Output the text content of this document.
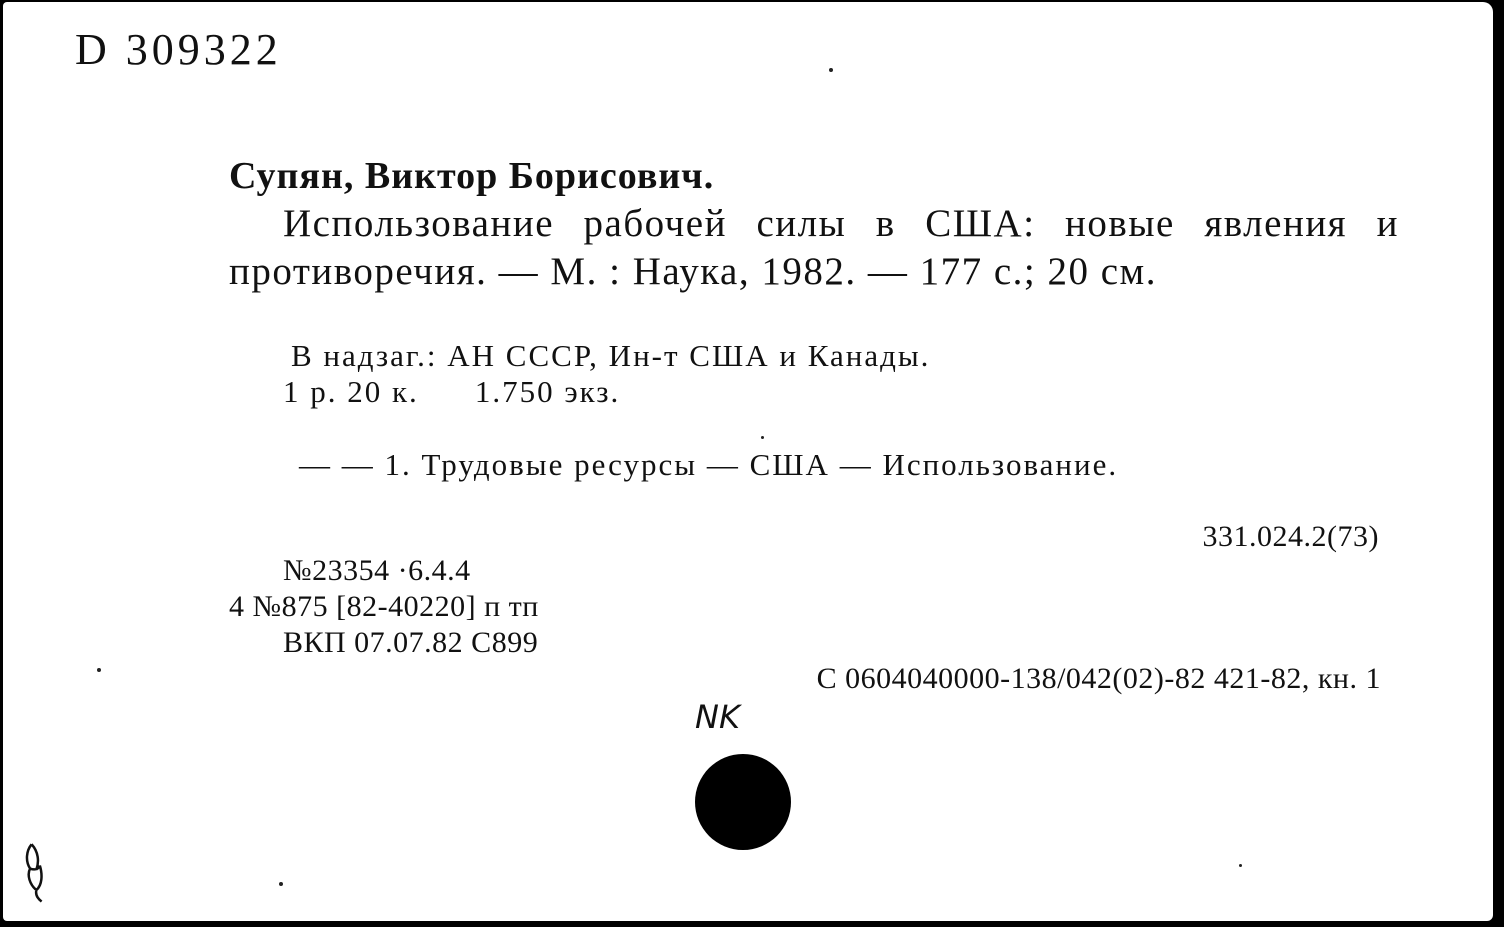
D 309322
Супян, Виктор Борисович.
Использование рабочей силы в США: новые явления и противоречия. — М. : Наука, 1982. — 177 с.; 20 см.
В надзаг.: АН СССР, Ин-т США и Канады.
1 р. 20 к. 1.750 экз.
— — 1. Трудовые ресурсы — США — Использование.
331.024.2(73)
№23354 ·6.4.4
4 №875 [82-40220] п тп
ВКП 07.07.82 С899
С 0604040000-138/042(02)-82 421-82, кн. 1
NK
